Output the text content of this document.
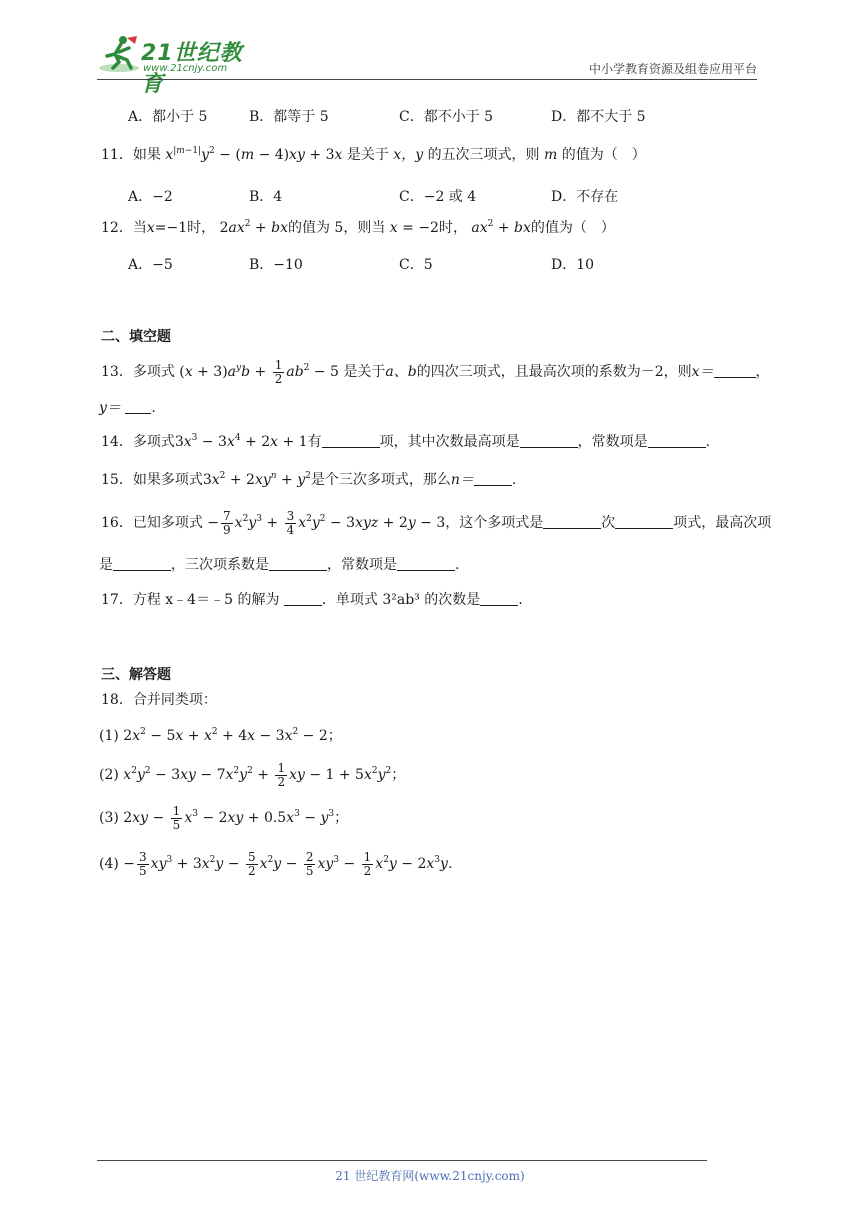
21世纪教育
www.21cnjy.com	中小学教育资源及组卷应用平台
A．都小于 5	B．都等于 5	C．都不小于 5	D．都不大于 5
11．如果 $x^{|m-1|}y^2 - (m - 4)xy + 3x$ 是关于 x，y 的五次三项式，则 m 的值为（　）
A．−2	B．4	C．−2 或 4	D．不存在
12．当x=−1时， $2ax^2$ + bx的值为 5，则当 x = −2时， $ax^2$ + bx的值为（　）
A．−5	B．−10	C．5	D．10
二、填空题
13．多项式 $(x + 3)a^yb + \frac{1}{2} ab^2 - 5$ 是关于a、b的四次三项式，且最高次项的系数为－2，则x＝	，
y＝ .
14．多项式$3x^3 - 3x^4 + 2x + 1$有	项，其中次数最高项是	，常数项是	.
15．如果多项式$3x^2 + 2xy^n + y^2$是个三次多项式，那么n＝	.
16．已知多项式 − $\frac{7}{9} x^2y^3 + \frac{3}{4} x^2y^2 - 3xyz + 2y - 3$，这个多项式是	次	项式，最高次项
是	，三次项系数是	，常数项是	.
17．方程 x﹣4＝﹣5 的解为	．单项式 3²ab³ 的次数是	.
三、解答题
18．合并同类项：
(1) $2x^2 - 5x + x^2 + 4x - 3x^2 - 2$；
(2) $x^2y^2 - 3xy - 7x^2y^2 + \frac{1}{2}$ xy − $1 + 5x^2y^2$；
(3) $2xy - \frac{1}{5} x^3 - 2xy + 0.5x^3 - y^3$；
$(4) - \frac{3}{5} xy^3 + 3x^2y - \frac{5}{2} x^2y - \frac{2}{5} xy^3 - \frac{1}{2} x^2y - 2x^3y$.
21 世纪教育网(www.21cnjy.com)
